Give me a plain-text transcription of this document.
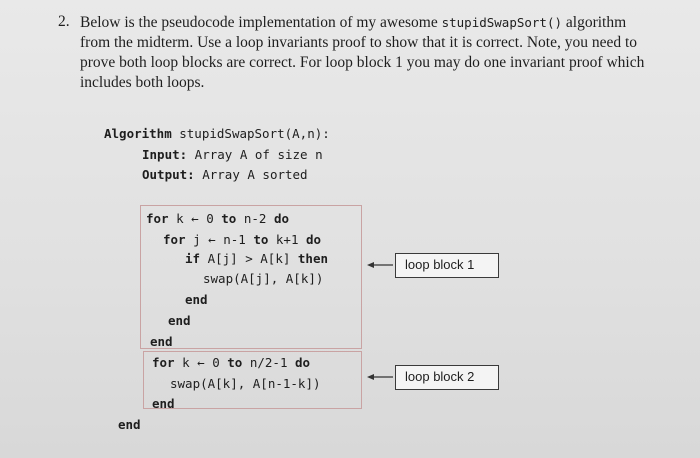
2. Below is the pseudocode implementation of my awesome stupidSwapSort() algorithm
from the midterm. Use a loop invariants proof to show that it is correct. Note, you need to
prove both loop blocks are correct. For loop block 1 you may do one invariant proof which
includes both loops.
Algorithm stupidSwapSort(A,n):
Input: Array A of size n
Output: Array A sorted
for k ← 0 to n-2 do
for j ← n-1 to k+1 do
if A[j] > A[k] then
swap(A[j], A[k])
end
end
end
for k ← 0 to n/2-1 do
swap(A[k], A[n-1-k])
end
end
loop block 1
loop block 2
